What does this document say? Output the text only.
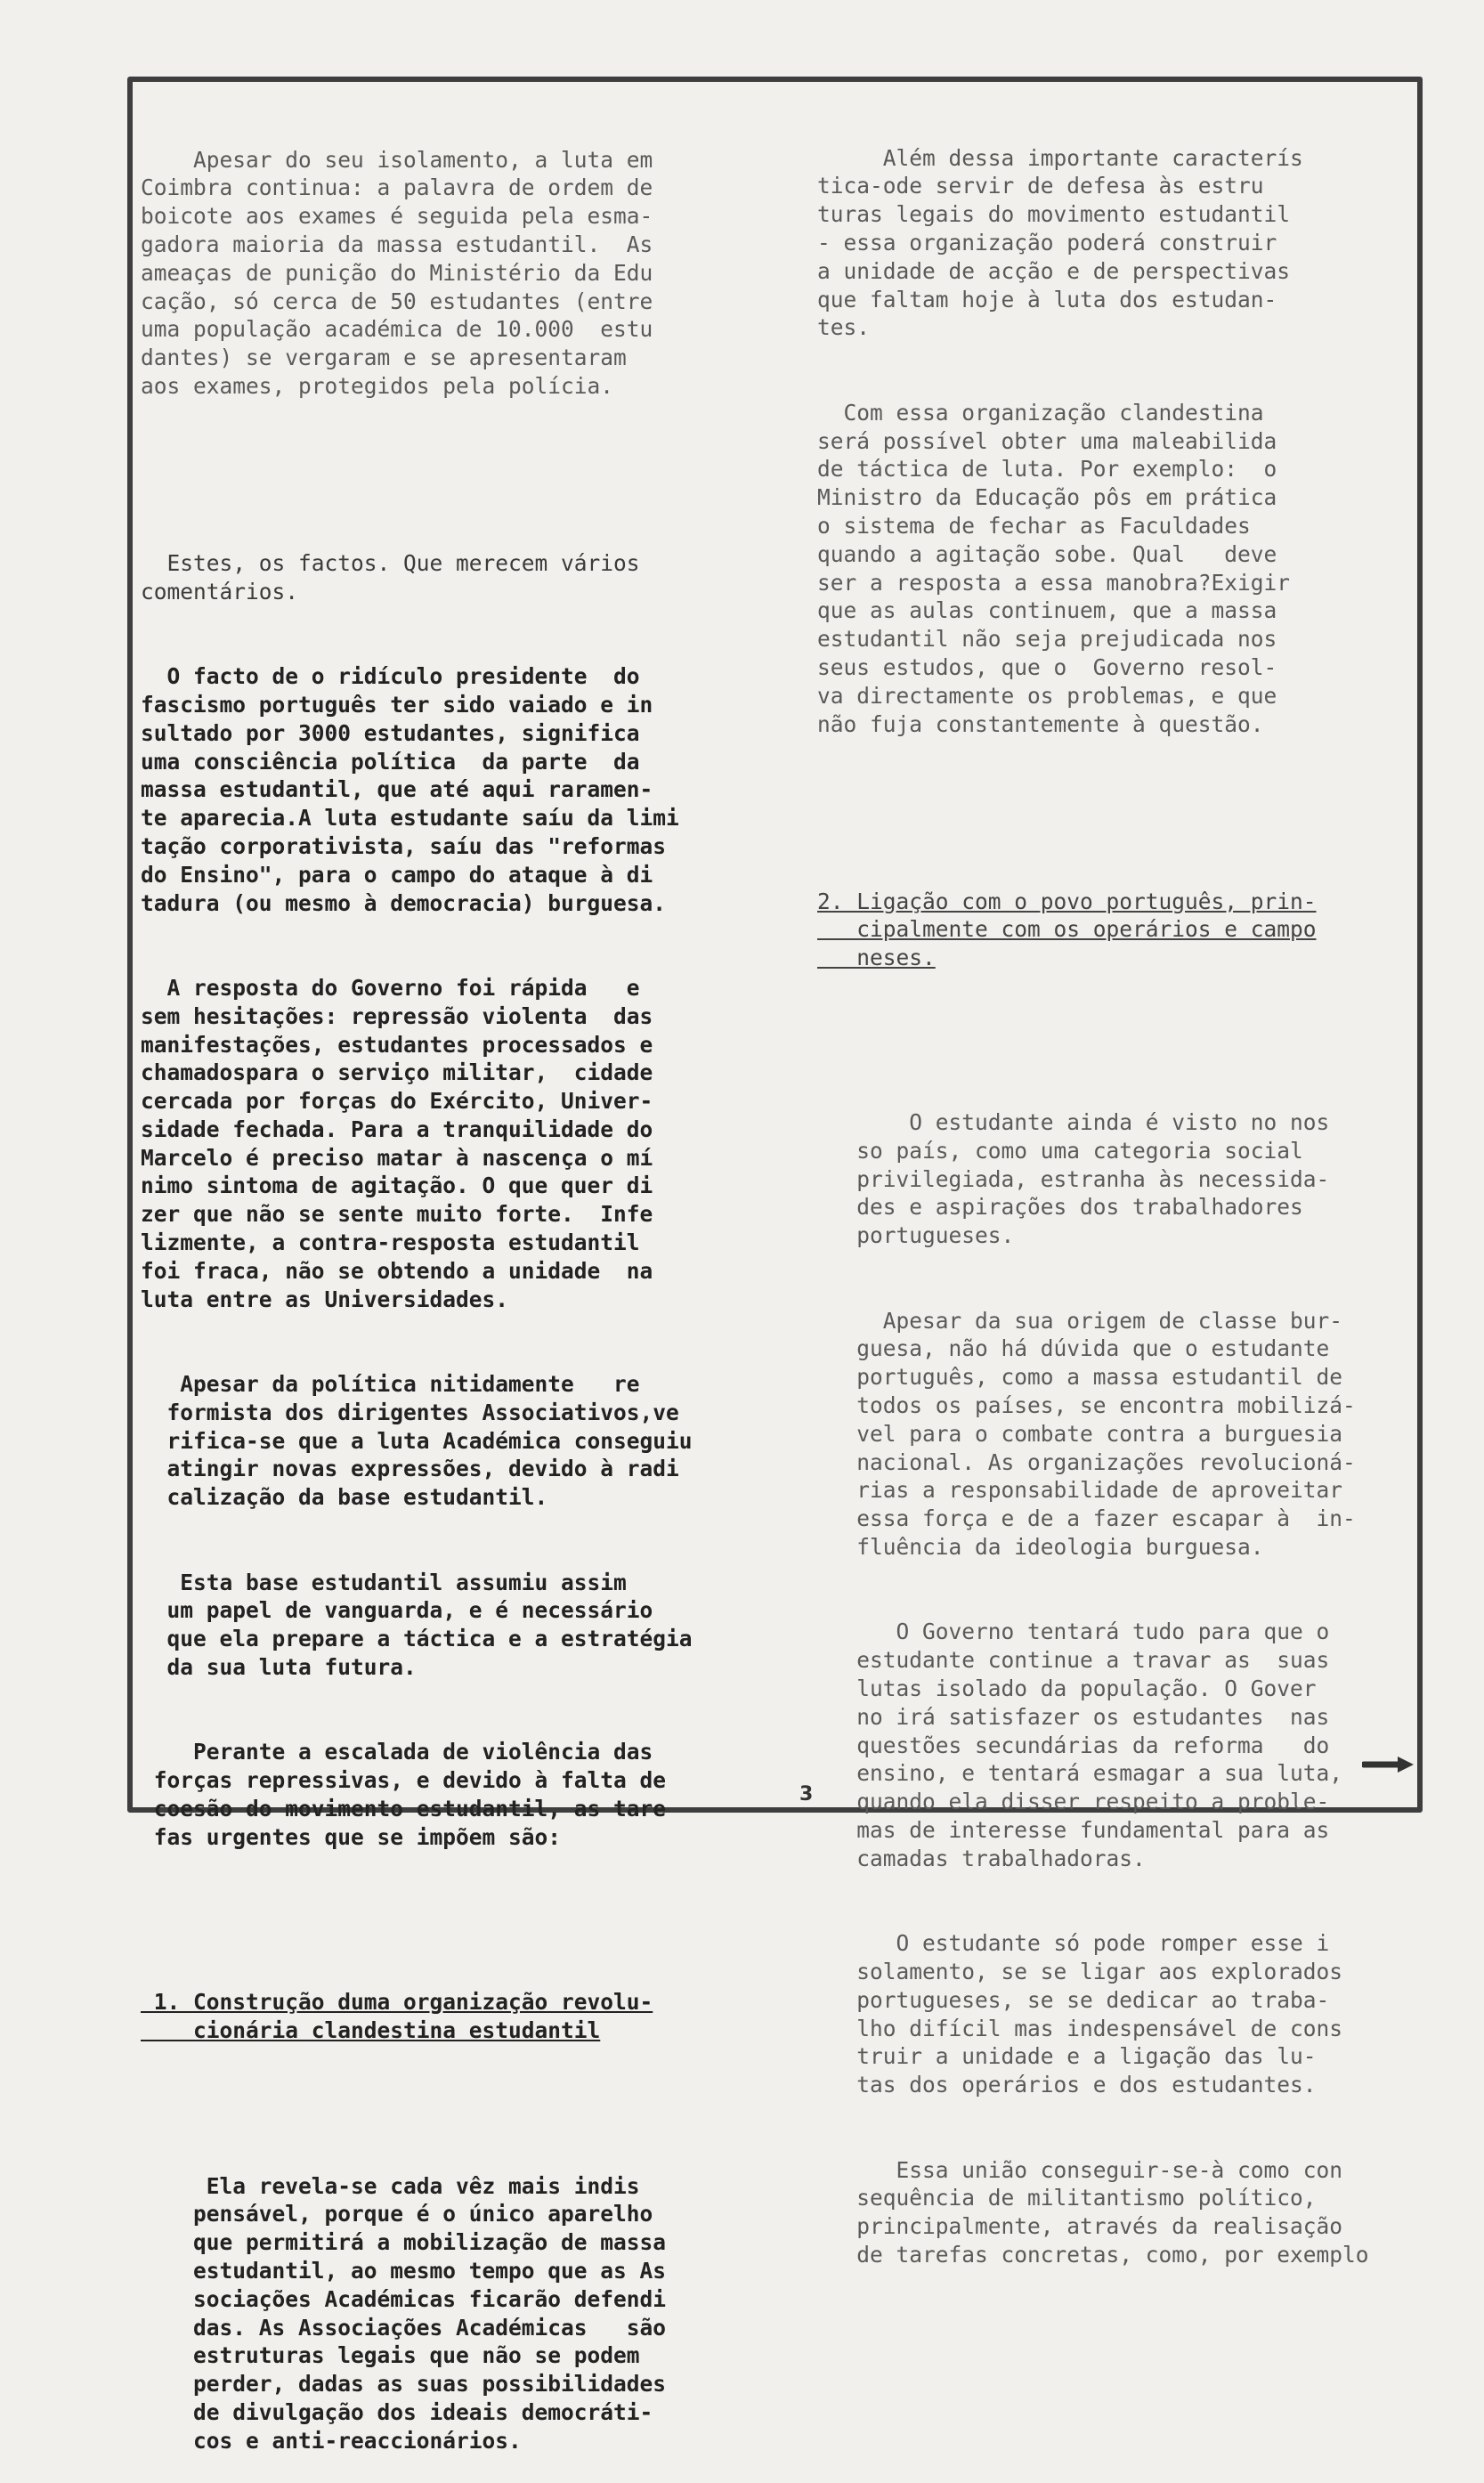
Apesar do seu isolamento, a luta em
Coimbra continua: a palavra de ordem de
boicote aos exames é seguida pela esma-
gadora maioria da massa estudantil.  As
ameaças de punição do Ministério da Edu
cação, só cerca de 50 estudantes (entre
uma população académica de 10.000  estu
dantes) se vergaram e se apresentaram
aos exames, protegidos pela polícia.

Estes, os factos. Que merecem vários
comentários.

O facto de o ridículo presidente  do
fascismo português ter sido vaiado e in
sultado por 3000 estudantes, significa
uma consciência política  da parte  da
massa estudantil, que até aqui raramen-
te aparecia.A luta estudante saíu da limi
tação corporativista, saíu das "reformas
do Ensino", para o campo do ataque à di
tadura (ou mesmo à democracia) burguesa.

A resposta do Governo foi rápida   e
sem hesitações: repressão violenta  das
manifestações, estudantes processados e
chamadospara o serviço militar,  cidade
cercada por forças do Exército, Univer-
sidade fechada. Para a tranquilidade do
Marcelo é preciso matar à nascença o mí
nimo sintoma de agitação. O que quer di
zer que não se sente muito forte.  Infe
lizmente, a contra-resposta estudantil
foi fraca, não se obtendo a unidade  na
luta entre as Universidades.

Apesar da política nitidamente   re
formista dos dirigentes Associativos,ve
rifica-se que a luta Académica conseguiu
atingir novas expressões, devido à radi
calização da base estudantil.

Esta base estudantil assumiu assim
um papel de vanguarda, e é necessário
que ela prepare a táctica e a estratégia
da sua luta futura.

Perante a escalada de violência das
forças repressivas, e devido à falta de
coesão do movimento estudantil, as tare
fas urgentes que se impõem são:

1. Construção duma organização revolu-
cionária clandestina estudantil

Ela revela-se cada vêz mais indis
pensável, porque é o único aparelho
que permitirá a mobilização de massa
estudantil, ao mesmo tempo que as As
sociações Académicas ficarão defendi
das. As Associações Académicas   são
estruturas legais que não se podem
perder, dadas as suas possibilidades
de divulgação dos ideais democráti-
cos e anti-reaccionários.

Além dessa importante caracterís
tica-ode servir de defesa às estru
turas legais do movimento estudantil
- essa organização poderá construir
a unidade de acção e de perspectivas
que faltam hoje à luta dos estudan-
tes.

Com essa organização clandestina
será possível obter uma maleabilida
de táctica de luta. Por exemplo:  o
Ministro da Educação pôs em prática
o sistema de fechar as Faculdades
quando a agitação sobe. Qual   deve
ser a resposta a essa manobra?Exigir
que as aulas continuem, que a massa
estudantil não seja prejudicada nos
seus estudos, que o  Governo resol-
va directamente os problemas, e que
não fuja constantemente à questão.

2. Ligação com o povo português, prin-
cipalmente com os operários e campo
neses.

O estudante ainda é visto no nos
so país, como uma categoria social
privilegiada, estranha às necessida-
des e aspirações dos trabalhadores
portugueses.

Apesar da sua origem de classe bur-
guesa, não há dúvida que o estudante
português, como a massa estudantil de
todos os países, se encontra mobilizá-
vel para o combate contra a burguesia
nacional. As organizações revolucioná-
rias a responsabilidade de aproveitar
essa força e de a fazer escapar à  in-
fluência da ideologia burguesa.

O Governo tentará tudo para que o
estudante continue a travar as  suas
lutas isolado da população. O Gover
no irá satisfazer os estudantes  nas
questões secundárias da reforma   do
ensino, e tentará esmagar a sua luta,
quando ela disser respeito a proble-
mas de interesse fundamental para as
camadas trabalhadoras.

O estudante só pode romper esse i
solamento, se se ligar aos explorados
portugueses, se se dedicar ao traba-
lho difícil mas indespensável de cons
truir a unidade e a ligação das lu-
tas dos operários e dos estudantes.

Essa união conseguir-se-à como con
sequência de militantismo político,
principalmente, através da realisação
de tarefas concretas, como, por exemplo

3
